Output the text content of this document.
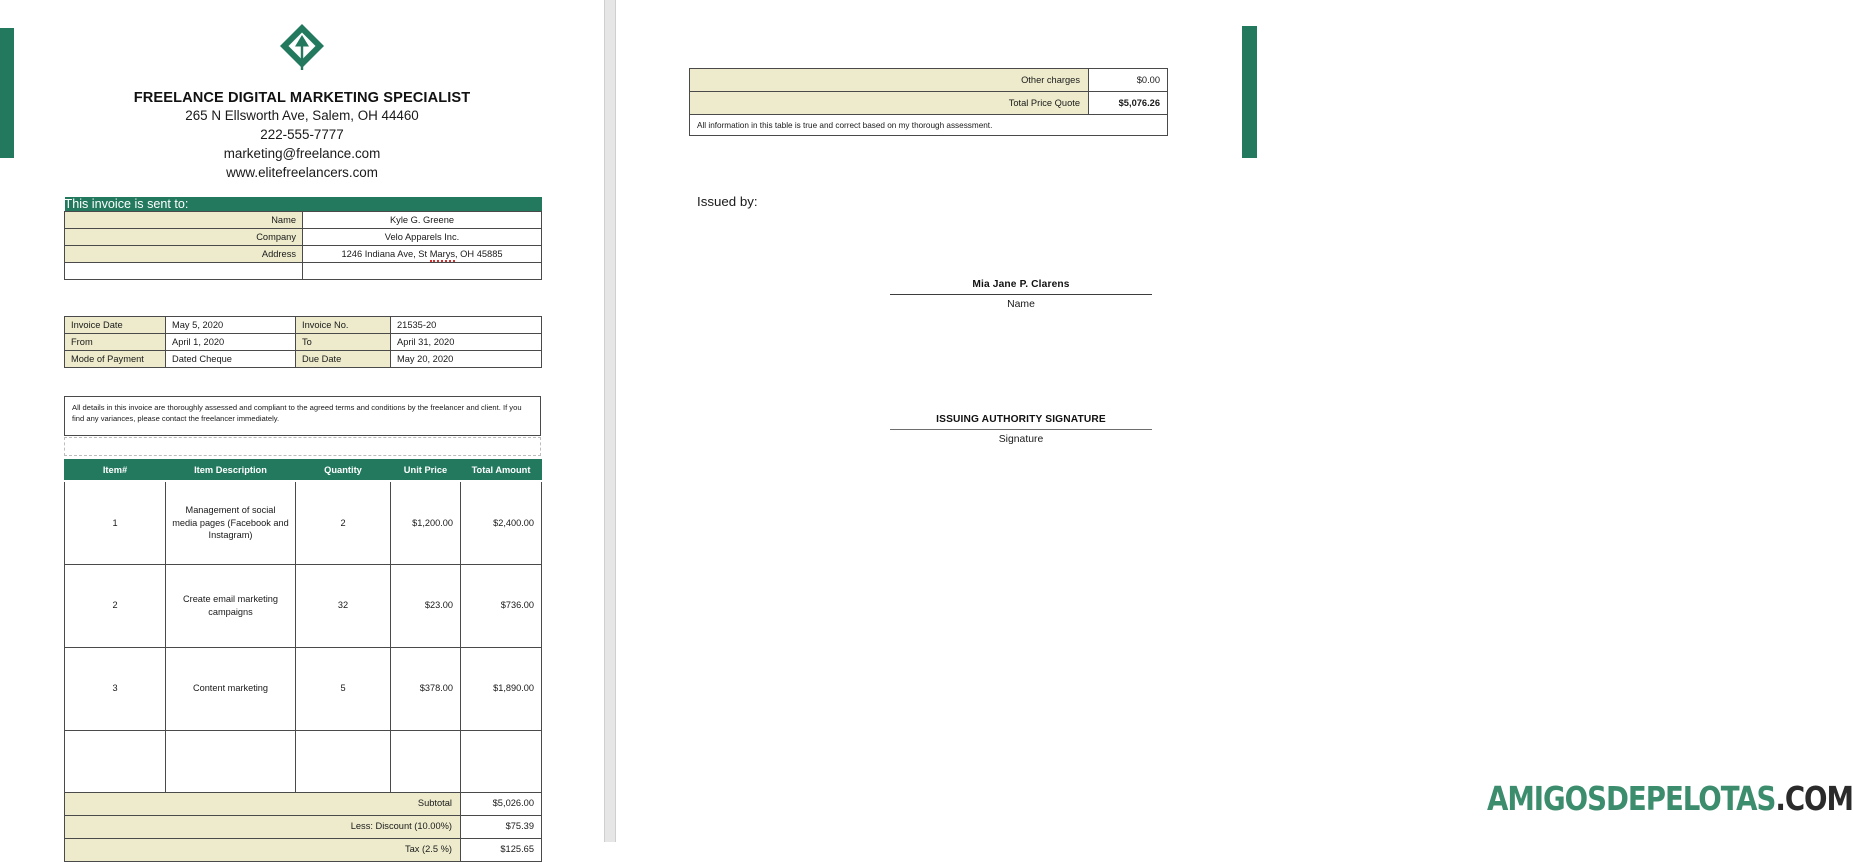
FREELANCE DIGITAL MARKETING SPECIALIST
265 N Ellsworth Ave, Salem, OH 44460
222-555-7777
marketing@freelance.com
www.elitefreelancers.com
This invoice is sent to:	
Name	Kyle G. Greene
Company	Velo Apparels Inc.
Address	1246 Indiana Ave, St Marys, OH 45885

Invoice Date	May 5, 2020	Invoice No.	21535-20
From	April 1, 2020	To	April 31, 2020
Mode of Payment	Dated Cheque	Due Date	May 20, 2020
All details in this invoice are thoroughly assessed and compliant to the agreed terms and conditions by the freelancer and client. If you find any variances, please contact the freelancer immediately.
Item#	Item Description	Quantity	Unit Price	Total Amount
1	Management of social media pages (Facebook and Instagram)	2	$1,200.00	$2,400.00
2	Create email marketing campaigns	32	$23.00	$736.00
3	Content marketing	5	$378.00	$1,890.00

Subtotal				$5,026.00
Less: Discount (10.00%)				$75.39
Tax (2.5 %)				$125.65
Other charges	$0.00
Total Price Quote	$5,076.26
All information in this table is true and correct based on my thorough assessment.	
Issued by:
Mia Jane P. Clarens
Name
ISSUING AUTHORITY SIGNATURE
Signature
AMIGOSDEPELOTAS.COM
